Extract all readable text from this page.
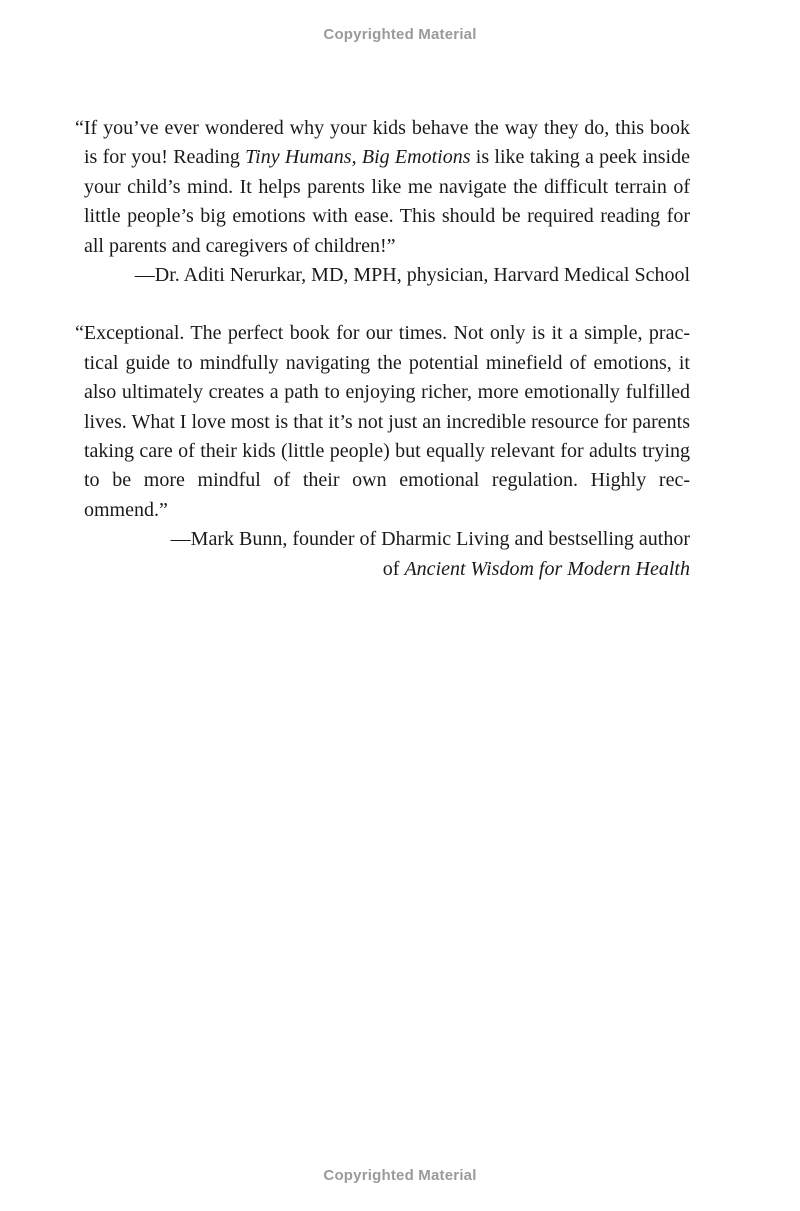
Copyrighted Material

“If you’ve ever wondered why your kids behave the way they do, this book is for you! Reading Tiny Humans, Big Emotions is like taking a peek inside your child’s mind. It helps parents like me navigate the difficult terrain of little people’s big emotions with ease. This should be required reading for all parents and caregivers of children!”

—Dr. Aditi Nerurkar, MD, MPH, physician, Harvard Medical School

“Exceptional. The perfect book for our times. Not only is it a simple, practical guide to mindfully navigating the potential minefield of emotions, it also ultimately creates a path to enjoying richer, more emotionally fulfilled lives. What I love most is that it’s not just an incredible resource for parents taking care of their kids (little people) but equally relevant for adults trying to be more mindful of their own emotional regulation. Highly recommend.”

—Mark Bunn, founder of Dharmic Living and bestselling author
of Ancient Wisdom for Modern Health

Copyrighted Material
